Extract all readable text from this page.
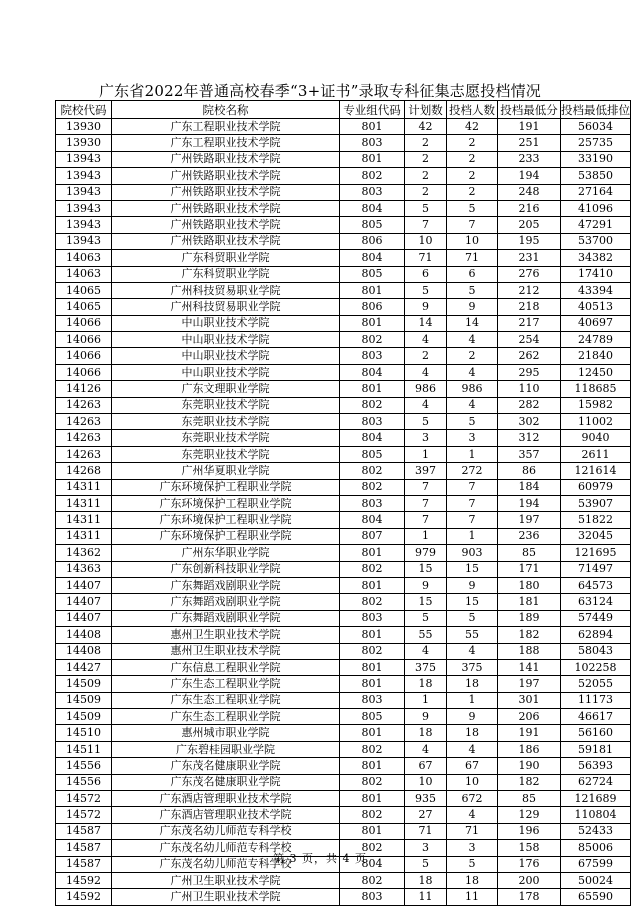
广东省2022年普通高校春季“3+证书”录取专科征集志愿投档情况
院校代码	院校名称	专业组代码	计划数	投档人数	投档最低分	投档最低排位
13930	广东工程职业技术学院	801	42	42	191	56034
13930	广东工程职业技术学院	803	2	2	251	25735
13943	广州铁路职业技术学院	801	2	2	233	33190
13943	广州铁路职业技术学院	802	2	2	194	53850
13943	广州铁路职业技术学院	803	2	2	248	27164
13943	广州铁路职业技术学院	804	5	5	216	41096
13943	广州铁路职业技术学院	805	7	7	205	47291
13943	广州铁路职业技术学院	806	10	10	195	53700
14063	广东科贸职业学院	804	71	71	231	34382
14063	广东科贸职业学院	805	6	6	276	17410
14065	广州科技贸易职业学院	801	5	5	212	43394
14065	广州科技贸易职业学院	806	9	9	218	40513
14066	中山职业技术学院	801	14	14	217	40697
14066	中山职业技术学院	802	4	4	254	24789
14066	中山职业技术学院	803	2	2	262	21840
14066	中山职业技术学院	804	4	4	295	12450
14126	广东文理职业学院	801	986	986	110	118685
14263	东莞职业技术学院	802	4	4	282	15982
14263	东莞职业技术学院	803	5	5	302	11002
14263	东莞职业技术学院	804	3	3	312	9040
14263	东莞职业技术学院	805	1	1	357	2611
14268	广州华夏职业学院	802	397	272	86	121614
14311	广东环境保护工程职业学院	802	7	7	184	60979
14311	广东环境保护工程职业学院	803	7	7	194	53907
14311	广东环境保护工程职业学院	804	7	7	197	51822
14311	广东环境保护工程职业学院	807	1	1	236	32045
14362	广州东华职业学院	801	979	903	85	121695
14363	广东创新科技职业学院	802	15	15	171	71497
14407	广东舞蹈戏剧职业学院	801	9	9	180	64573
14407	广东舞蹈戏剧职业学院	802	15	15	181	63124
14407	广东舞蹈戏剧职业学院	803	5	5	189	57449
14408	惠州卫生职业技术学院	801	55	55	182	62894
14408	惠州卫生职业技术学院	802	4	4	188	58043
14427	广东信息工程职业学院	801	375	375	141	102258
14509	广东生态工程职业学院	801	18	18	197	52055
14509	广东生态工程职业学院	803	1	1	301	11173
14509	广东生态工程职业学院	805	9	9	206	46617
14510	惠州城市职业学院	801	18	18	191	56160
14511	广东碧桂园职业学院	802	4	4	186	59181
14556	广东茂名健康职业学院	801	67	67	190	56393
14556	广东茂名健康职业学院	802	10	10	182	62724
14572	广东酒店管理职业技术学院	801	935	672	85	121689
14572	广东酒店管理职业技术学院	802	27	4	129	110804
14587	广东茂名幼儿师范专科学校	801	71	71	196	52433
14587	广东茂名幼儿师范专科学校	802	3	3	158	85006
14587	广东茂名幼儿师范专科学校	804	5	5	176	67599
14592	广州卫生职业技术学院	802	18	18	200	50024
14592	广州卫生职业技术学院	803	11	11	178	65590
第 3 页，共 4 页
